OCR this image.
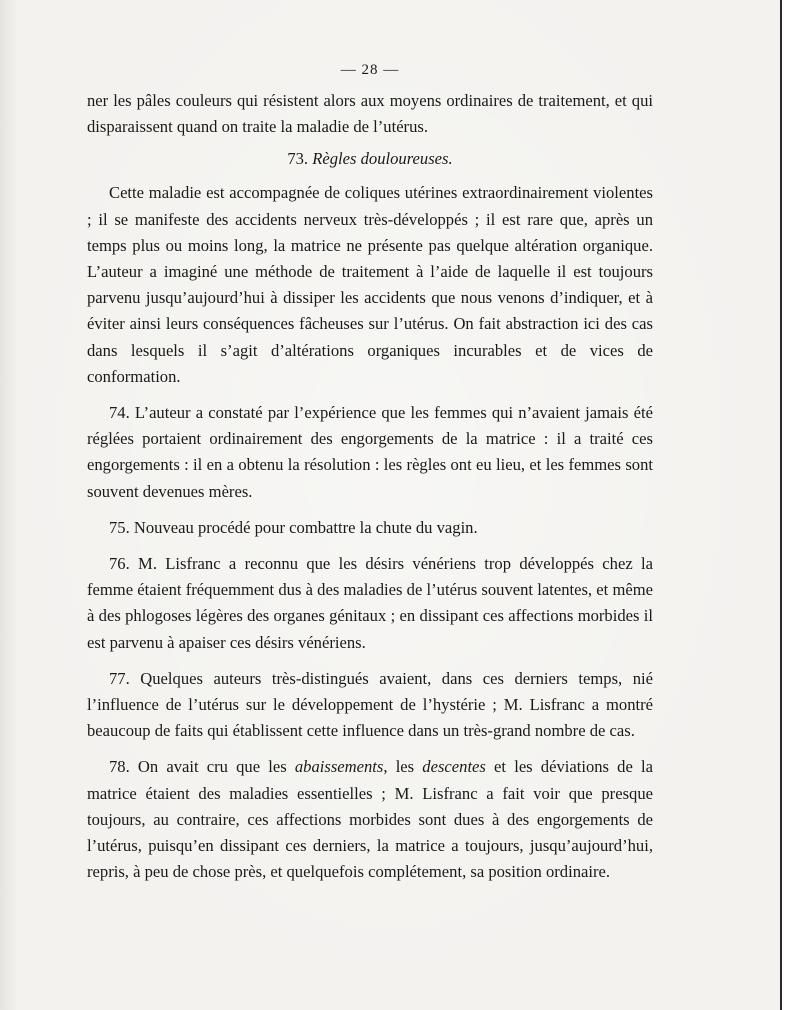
— 28 —

ner les pâles couleurs qui résistent alors aux moyens ordinaires de traitement, et qui disparaissent quand on traite la maladie de l’utérus.

73. Règles douloureuses.

Cette maladie est accompagnée de coliques utérines extraordinairement violentes ; il se manifeste des accidents nerveux très-développés ; il est rare que, après un temps plus ou moins long, la matrice ne présente pas quelque altération organique. L’auteur a imaginé une méthode de traitement à l’aide de laquelle il est toujours parvenu jusqu’aujourd’hui à dissiper les accidents que nous venons d’indiquer, et à éviter ainsi leurs conséquences fâcheuses sur l’utérus. On fait abstraction ici des cas dans lesquels il s’agit d’altérations organiques incurables et de vices de conformation.

74. L’auteur a constaté par l’expérience que les femmes qui n’avaient jamais été réglées portaient ordinairement des engorgements de la matrice : il a traité ces engorgements : il en a obtenu la résolution : les règles ont eu lieu, et les femmes sont souvent devenues mères.

75. Nouveau procédé pour combattre la chute du vagin.

76. M. Lisfranc a reconnu que les désirs vénériens trop développés chez la femme étaient fréquemment dus à des maladies de l’utérus souvent latentes, et même à des phlogoses légères des organes génitaux ; en dissipant ces affections morbides il est parvenu à apaiser ces désirs vénériens.

77. Quelques auteurs très-distingués avaient, dans ces derniers temps, nié l’influence de l’utérus sur le développement de l’hystérie ; M. Lisfranc a montré beaucoup de faits qui établissent cette influence dans un très-grand nombre de cas.

78. On avait cru que les abaissements, les descentes et les déviations de la matrice étaient des maladies essentielles ; M. Lisfranc a fait voir que presque toujours, au contraire, ces affections morbides sont dues à des engorgements de l’utérus, puisqu’en dissipant ces derniers, la matrice a toujours, jusqu’aujourd’hui, repris, à peu de chose près, et quelquefois complétement, sa position ordinaire.
